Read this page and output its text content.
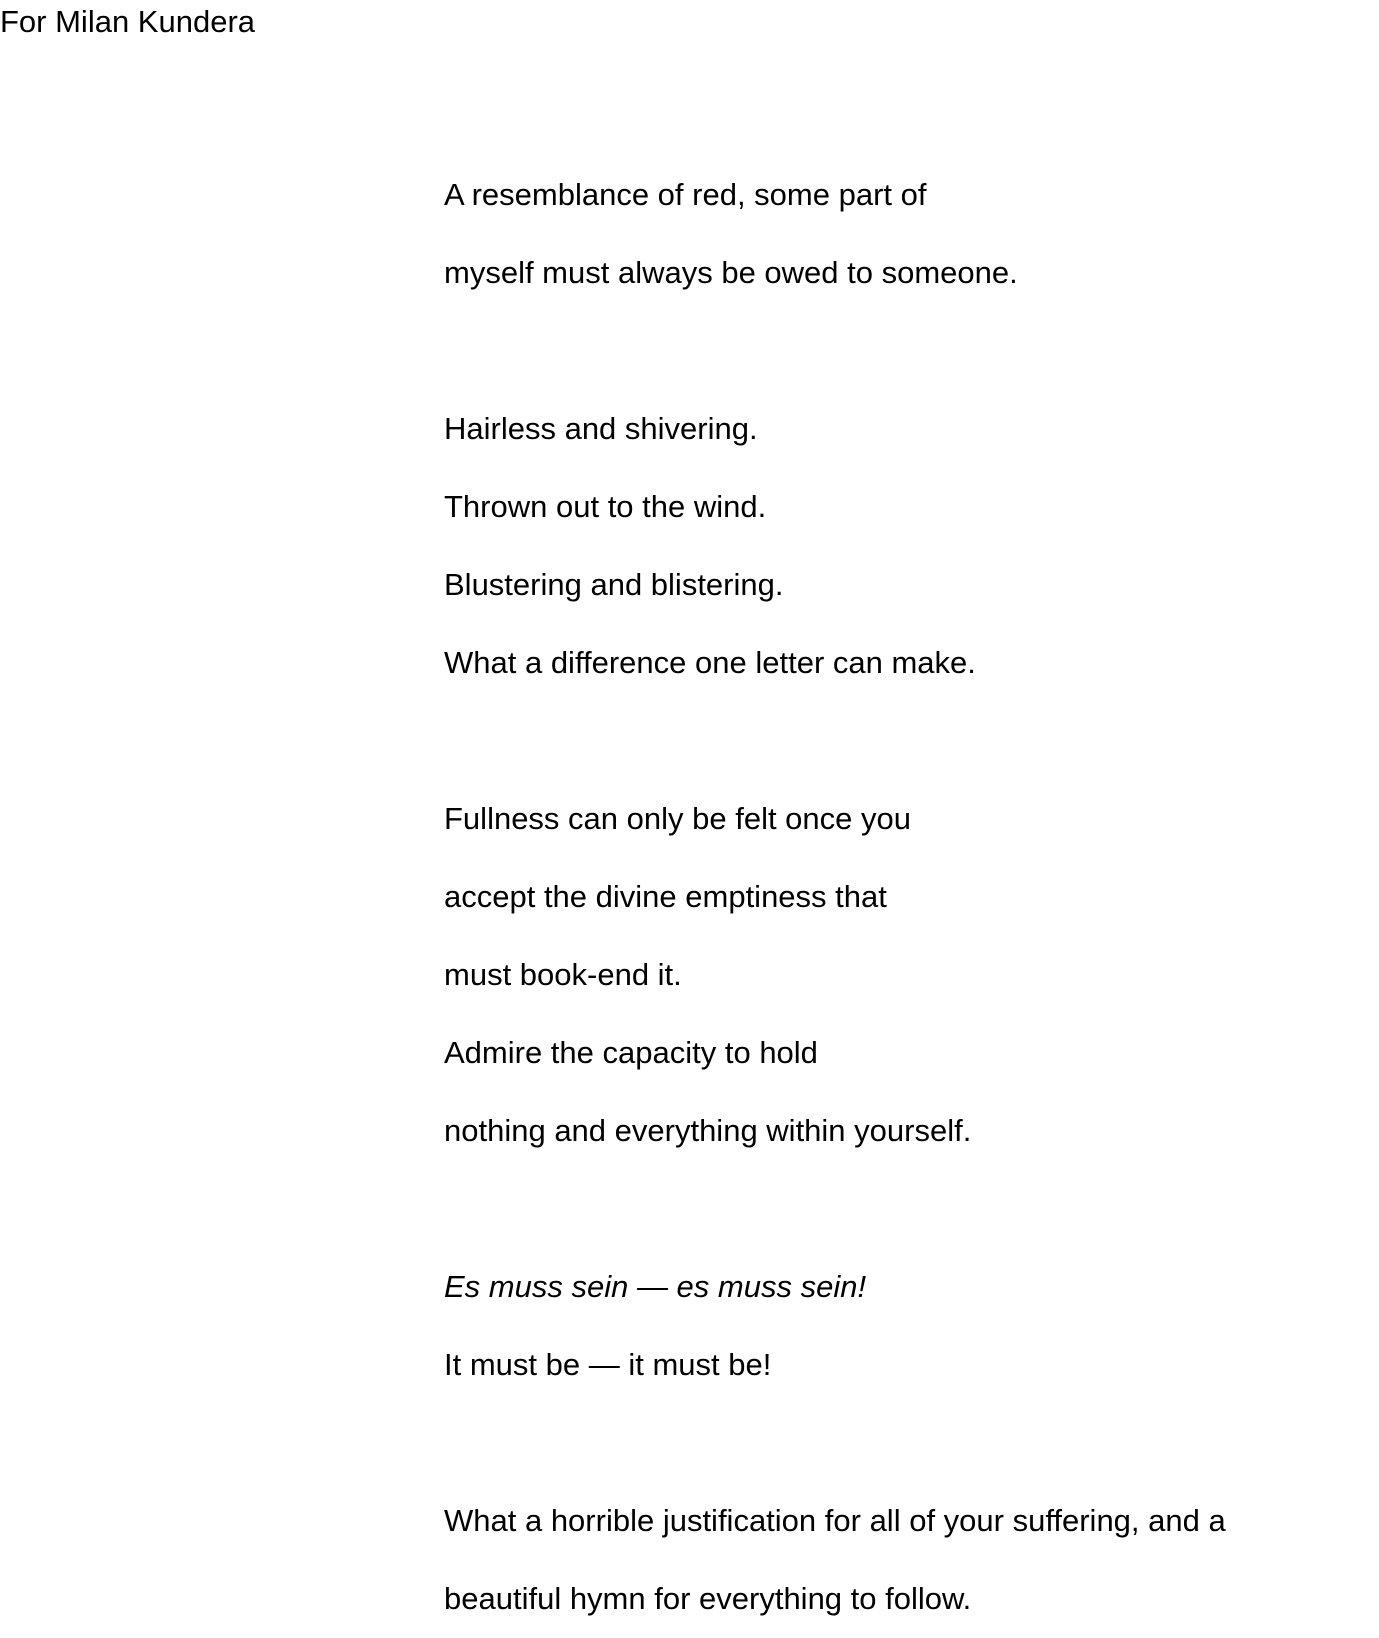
For Milan Kundera
A resemblance of red, some part of
myself must always be owed to someone.
Hairless and shivering.
Thrown out to the wind.
Blustering and blistering.
What a difference one letter can make.
Fullness can only be felt once you
accept the divine emptiness that
must book-end it.
Admire the capacity to hold
nothing and everything within yourself.
Es muss sein — es muss sein!
It must be — it must be!
What a horrible justification for all of your suffering, and a
beautiful hymn for everything to follow.
